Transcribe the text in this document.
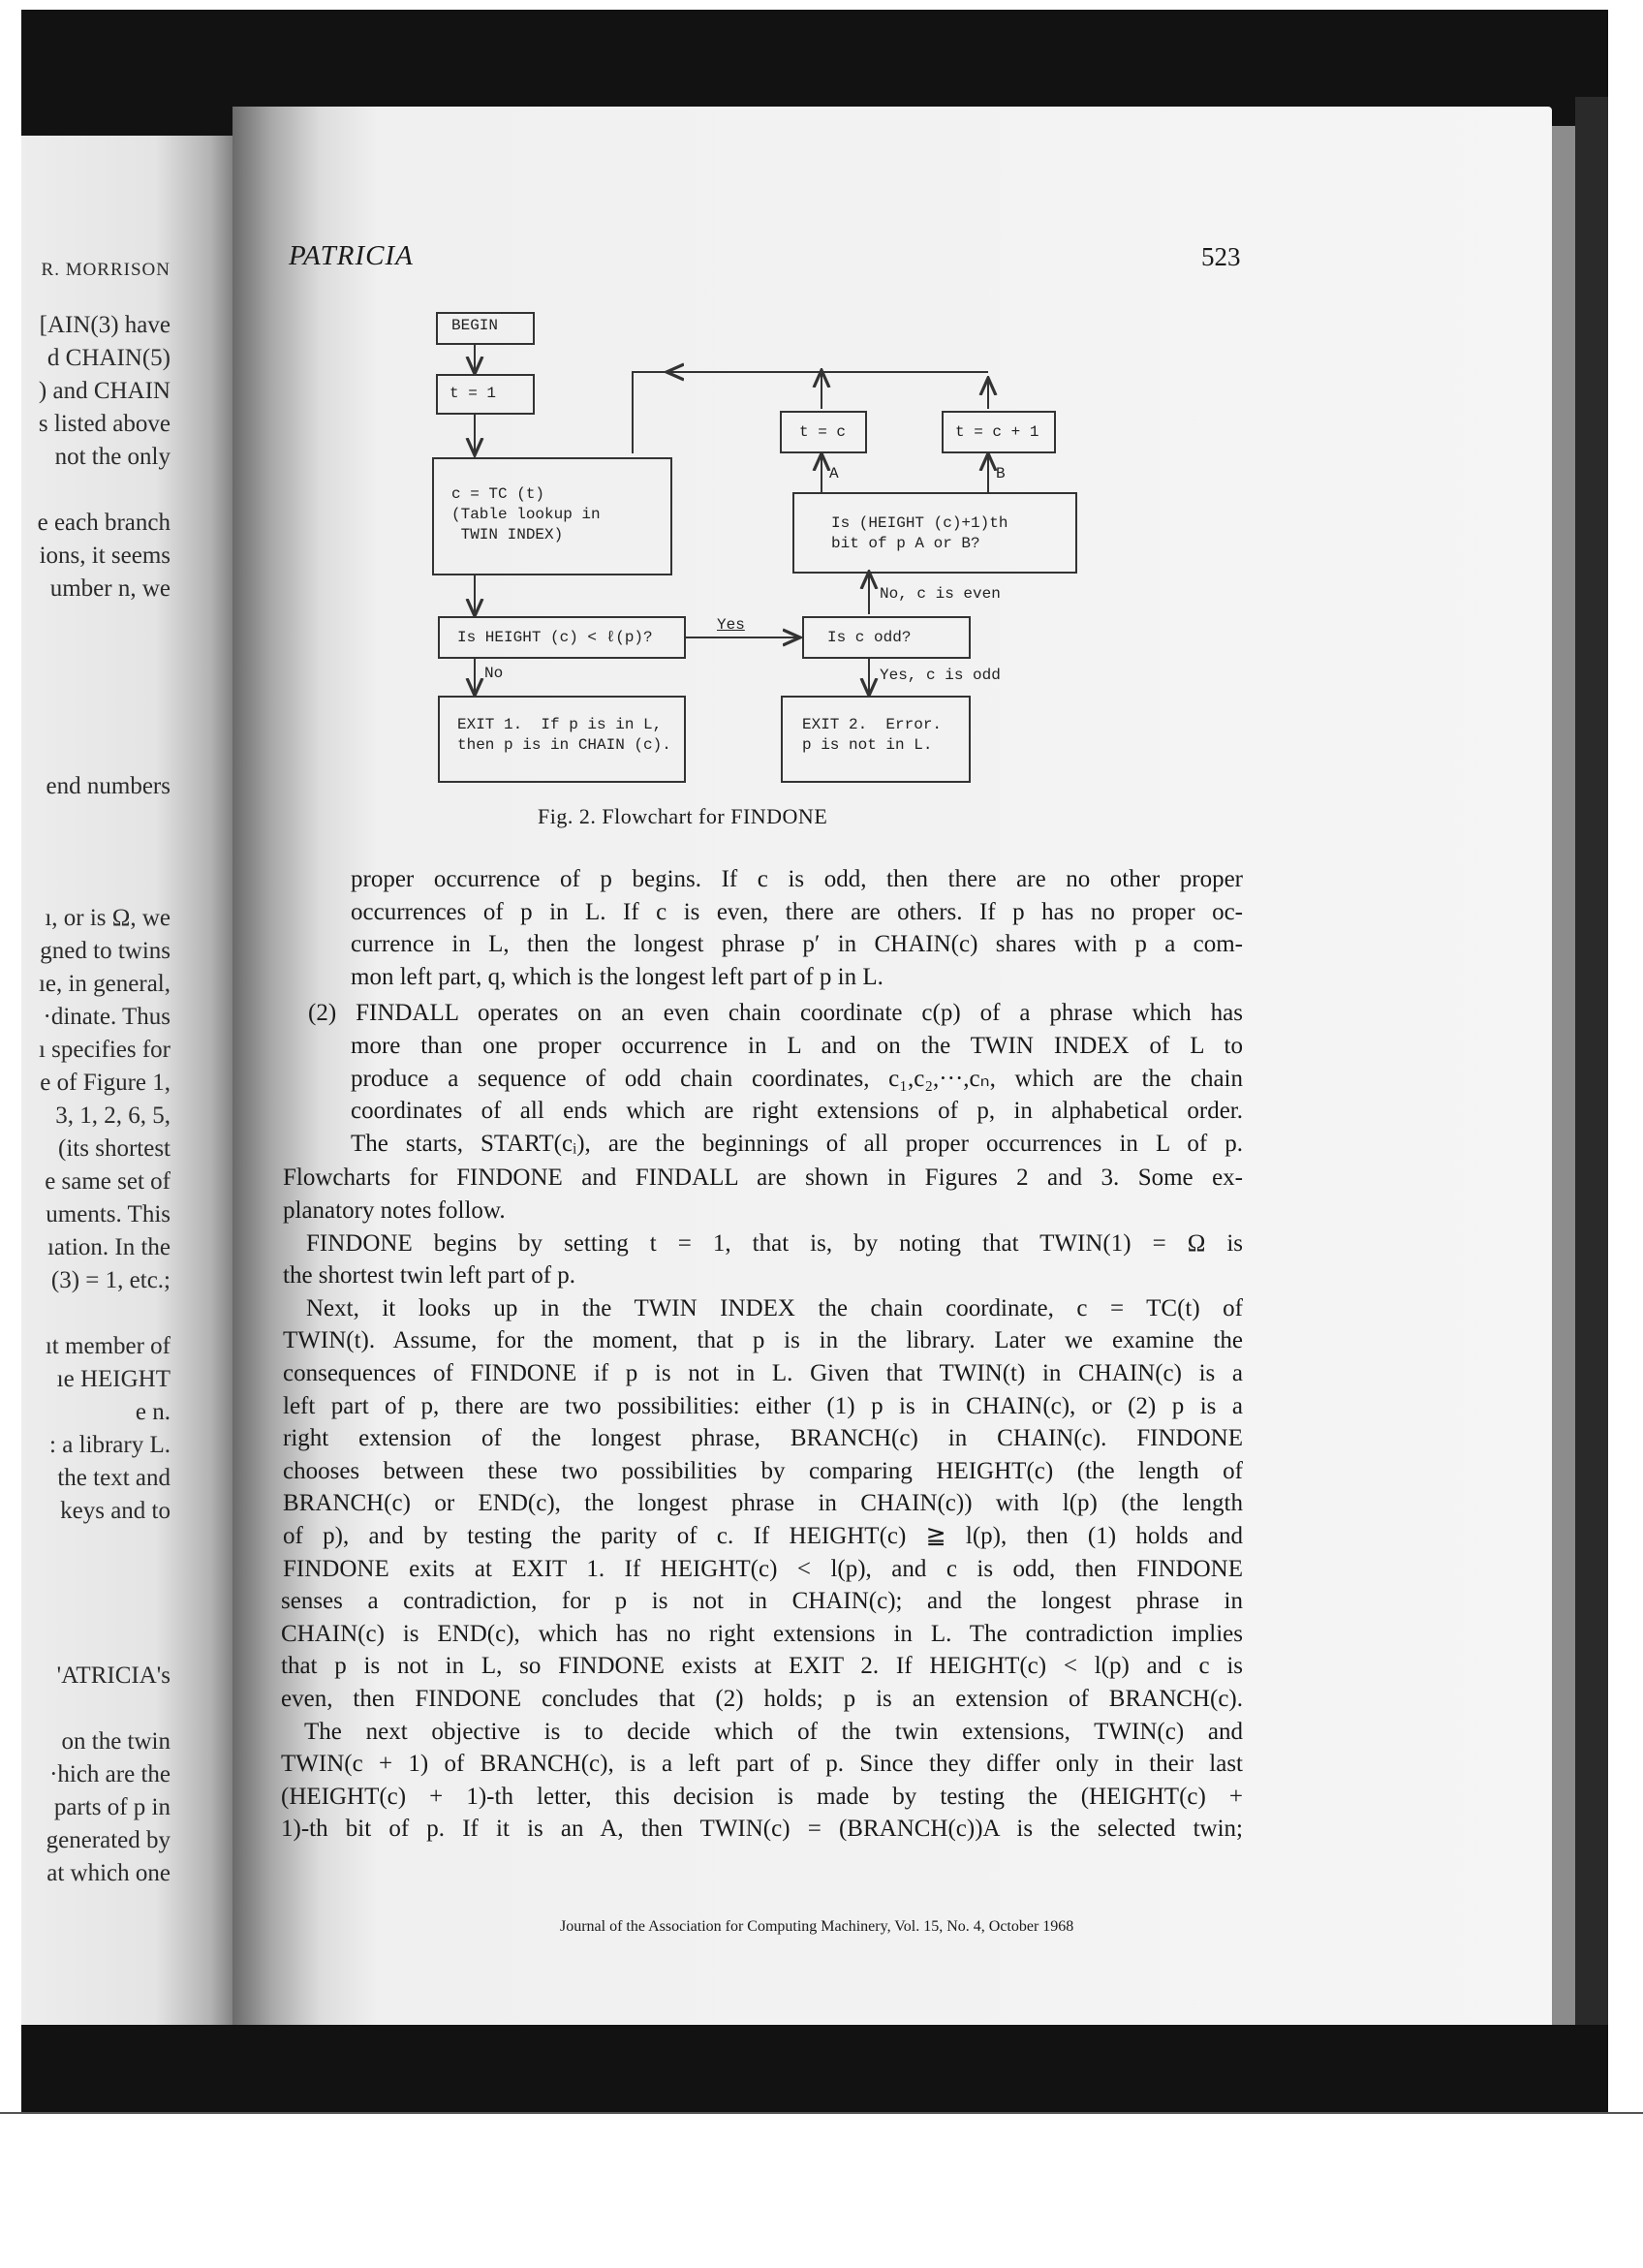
R. MORRISON
[AIN(3) have
d CHAIN(5)
) and CHAIN
s listed above
not the only
e each branch
ions, it seems
umber n, we
end numbers
ı, or is Ω, we
gned to twins
ıe, in general,
·dinate. Thus
ı specifies for
e of Figure 1,
3, 1, 2, 6, 5,
(its shortest
e same set of
uments. This
ıation. In the
(3) = 1, etc.;
ıt member of
ıe HEIGHT
e n.
: a library L.
the text and
keys and to
'ATRICIA's
on the twin
·hich are the
parts of p in
generated by
at which one
PATRICIA	523
BEGIN
t = 1
c = TC (t)
(Table lookup in
TWIN INDEX)
Is HEIGHT (c) < ℓ(p)?
EXIT 1.  If p is in L,
then p is in CHAIN (c).
Is c odd?
EXIT 2.  Error.
p is not in L.
Is (HEIGHT (c)+1)th
bit of p A or B?
t = c	t = c + 1
Yes
No
No, c is even
Yes, c is odd
A	B
Fig. 2. Flowchart for FINDONE
proper occurrence of p begins. If c is odd, then there are no other proper
occurrences of p in L. If c is even, there are others. If p has no proper oc-
currence in L, then the longest phrase p′ in CHAIN(c) shares with p a com-
mon left part, q, which is the longest left part of p in L.
(2) FINDALL operates on an even chain coordinate c(p) of a phrase which has
more than one proper occurrence in L and on the TWIN INDEX of L to
produce a sequence of odd chain coordinates, c₁,c₂,···,cₙ, which are the chain
coordinates of all ends which are right extensions of p, in alphabetical order.
The starts, START(cᵢ), are the beginnings of all proper occurrences in L of p.
Flowcharts for FINDONE and FINDALL are shown in Figures 2 and 3. Some ex-
planatory notes follow.
FINDONE begins by setting t = 1, that is, by noting that TWIN(1) = Ω is
the shortest twin left part of p.
Next, it looks up in the TWIN INDEX the chain coordinate, c = TC(t) of
TWIN(t). Assume, for the moment, that p is in the library. Later we examine the
consequences of FINDONE if p is not in L. Given that TWIN(t) in CHAIN(c) is a
left part of p, there are two possibilities: either (1) p is in CHAIN(c), or (2) p is a
right extension of the longest phrase, BRANCH(c) in CHAIN(c). FINDONE
chooses between these two possibilities by comparing HEIGHT(c) (the length of
BRANCH(c) or END(c), the longest phrase in CHAIN(c)) with l(p) (the length
of p), and by testing the parity of c. If HEIGHT(c) ≧ l(p), then (1) holds and
FINDONE exits at EXIT 1. If HEIGHT(c) < l(p), and c is odd, then FINDONE
senses a contradiction, for p is not in CHAIN(c); and the longest phrase in
CHAIN(c) is END(c), which has no right extensions in L. The contradiction implies
that p is not in L, so FINDONE exists at EXIT 2. If HEIGHT(c) < l(p) and c is
even, then FINDONE concludes that (2) holds; p is an extension of BRANCH(c).
The next objective is to decide which of the twin extensions, TWIN(c) and
TWIN(c + 1) of BRANCH(c), is a left part of p. Since they differ only in their last
(HEIGHT(c) + 1)-th letter, this decision is made by testing the (HEIGHT(c) +
1)-th bit of p. If it is an A, then TWIN(c) = (BRANCH(c))A is the selected twin;
Journal of the Association for Computing Machinery, Vol. 15, No. 4, October 1968
